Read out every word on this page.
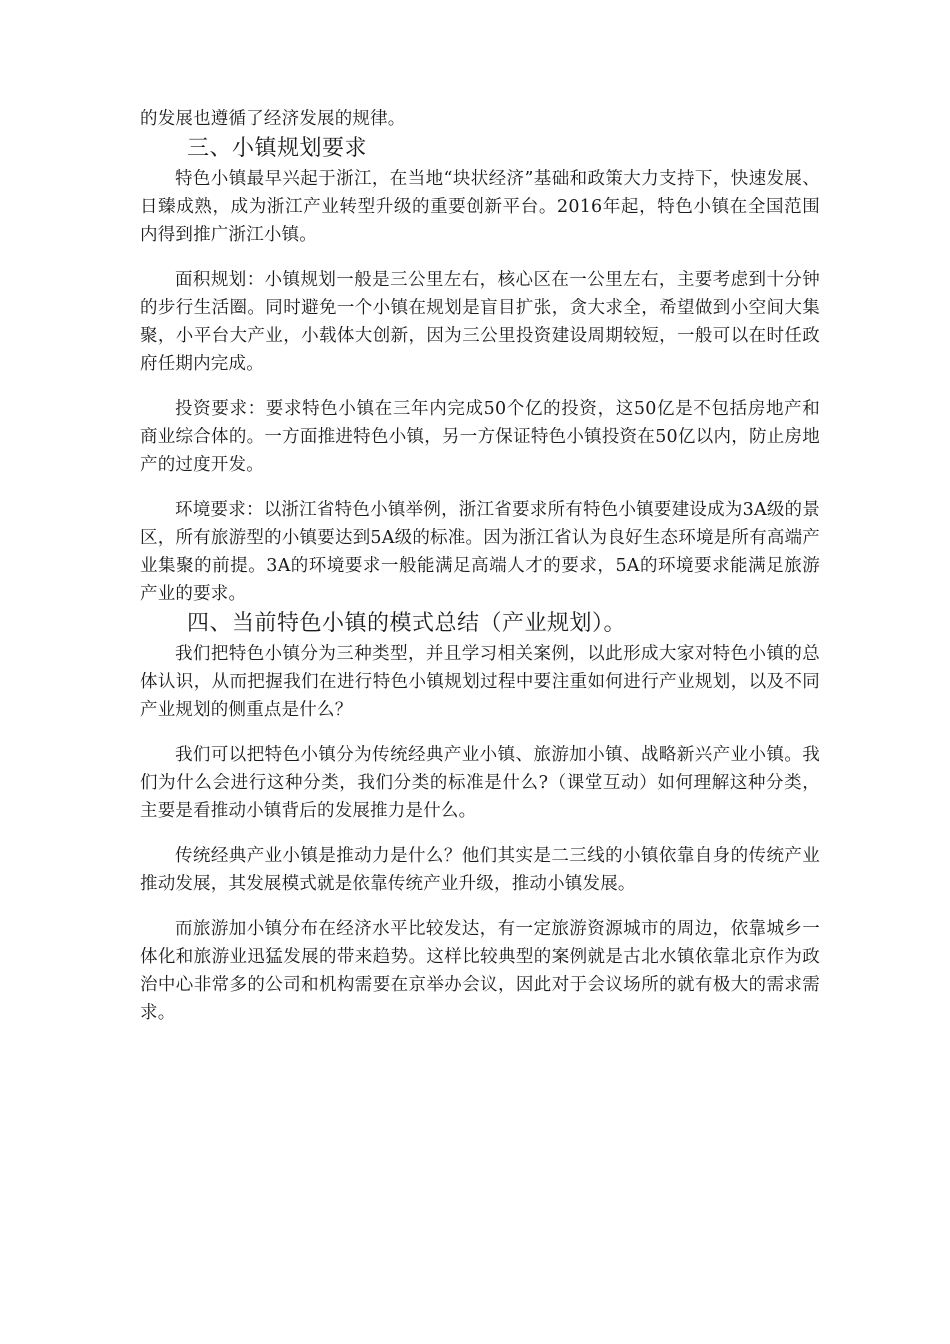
的发展也遵循了经济发展的规律。

三、小镇规划要求

特色小镇最早兴起于浙江，在当地“块状经济”基础和政策大力支持下，快速发展、日臻成熟，成为浙江产业转型升级的重要创新平台。2016年起，特色小镇在全国范围内得到推广浙江小镇。

面积规划：小镇规划一般是三公里左右，核心区在一公里左右，主要考虑到十分钟的步行生活圈。同时避免一个小镇在规划是盲目扩张，贪大求全，希望做到小空间大集聚，小平台大产业，小载体大创新，因为三公里投资建设周期较短，一般可以在时任政府任期内完成。

投资要求：要求特色小镇在三年内完成50个亿的投资，这50亿是不包括房地产和商业综合体的。一方面推进特色小镇，另一方保证特色小镇投资在50亿以内，防止房地产的过度开发。

环境要求：以浙江省特色小镇举例，浙江省要求所有特色小镇要建设成为3A级的景区，所有旅游型的小镇要达到5A级的标准。因为浙江省认为良好生态环境是所有高端产业集聚的前提。3A的环境要求一般能满足高端人才的要求，5A的环境要求能满足旅游产业的要求。

四、当前特色小镇的模式总结（产业规划）。

我们把特色小镇分为三种类型，并且学习相关案例，以此形成大家对特色小镇的总体认识，从而把握我们在进行特色小镇规划过程中要注重如何进行产业规划，以及不同产业规划的侧重点是什么？

我们可以把特色小镇分为传统经典产业小镇、旅游加小镇、战略新兴产业小镇。我们为什么会进行这种分类，我们分类的标准是什么?（课堂互动）如何理解这种分类，主要是看推动小镇背后的发展推力是什么。

传统经典产业小镇是推动力是什么？他们其实是二三线的小镇依靠自身的传统产业推动发展，其发展模式就是依靠传统产业升级，推动小镇发展。

而旅游加小镇分布在经济水平比较发达，有一定旅游资源城市的周边，依靠城乡一体化和旅游业迅猛发展的带来趋势。这样比较典型的案例就是古北水镇依靠北京作为政治中心非常多的公司和机构需要在京举办会议，因此对于会议场所的就有极大的需求需求。
